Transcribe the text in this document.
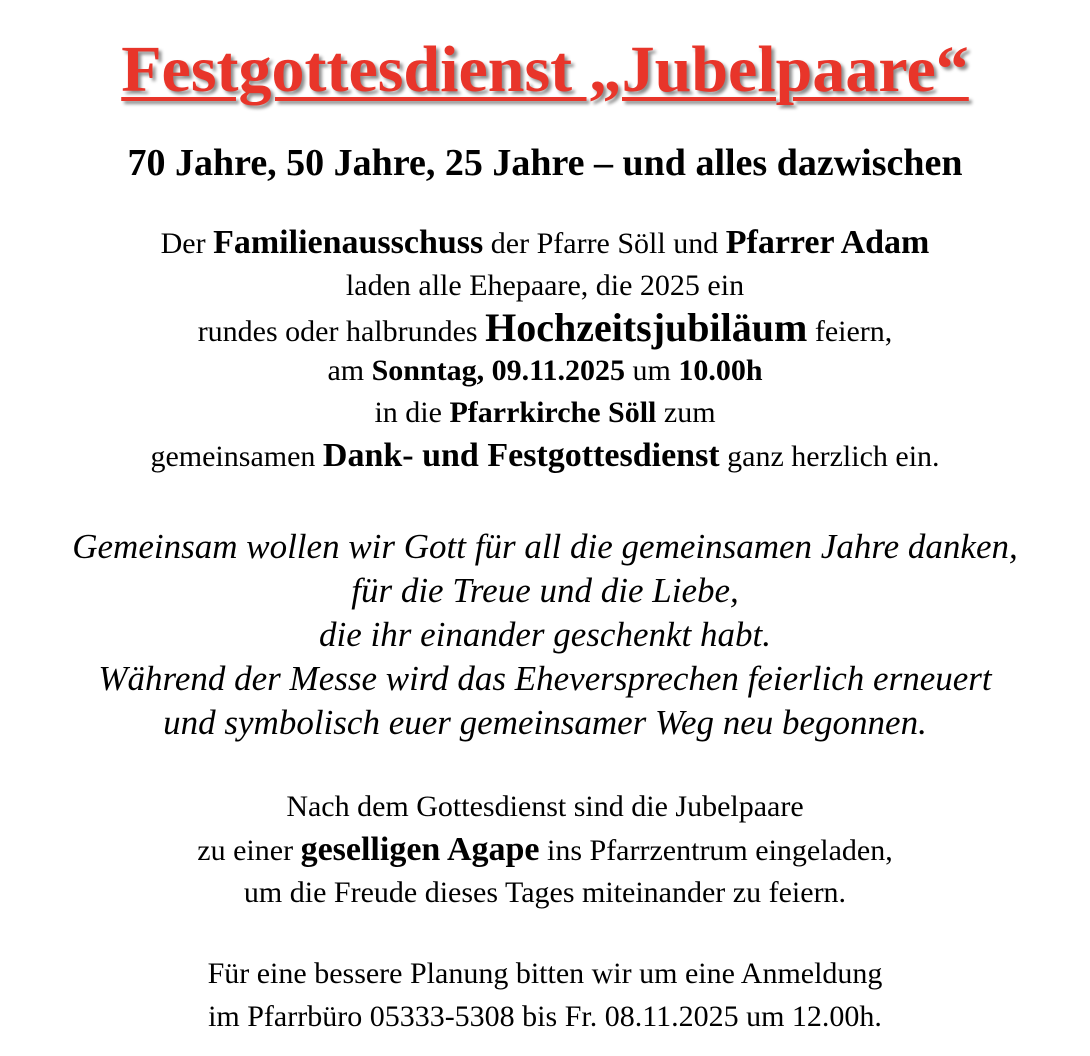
Festgottesdienst „Jubelpaare“
70 Jahre, 50 Jahre, 25 Jahre – und alles dazwischen
Der Familienausschuss der Pfarre Söll und Pfarrer Adam
laden alle Ehepaare, die 2025 ein
rundes oder halbrundes Hochzeitsjubiläum feiern,
am Sonntag, 09.11.2025 um 10.00h
in die Pfarrkirche Söll zum
gemeinsamen Dank- und Festgottesdienst ganz herzlich ein.
Gemeinsam wollen wir Gott für all die gemeinsamen Jahre danken,
für die Treue und die Liebe,
die ihr einander geschenkt habt.
Während der Messe wird das Eheversprechen feierlich erneuert
und symbolisch euer gemeinsamer Weg neu begonnen.
Nach dem Gottesdienst sind die Jubelpaare
zu einer geselligen Agape ins Pfarrzentrum eingeladen,
um die Freude dieses Tages miteinander zu feiern.
Für eine bessere Planung bitten wir um eine Anmeldung
im Pfarrbüro 05333-5308 bis Fr. 08.11.2025 um 12.00h.
